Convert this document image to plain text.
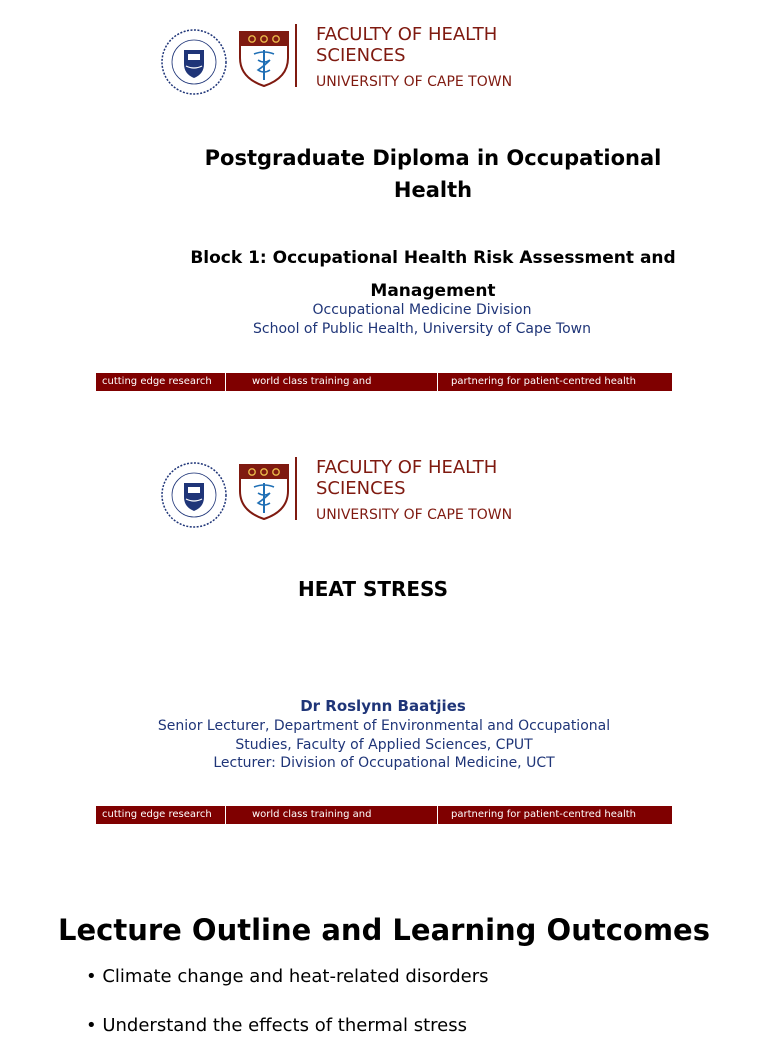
FACULTY OF HEALTH SCIENCES
UNIVERSITY OF CAPE TOWN
Postgraduate Diploma in Occupational Health
Block 1: Occupational Health Risk Assessment and Management
Occupational Medicine Division
School of Public Health, University of Cape Town
cutting edge research	world class training and	partnering for patient-centred health
FACULTY OF HEALTH SCIENCES
UNIVERSITY OF CAPE TOWN
HEAT STRESS
Dr Roslynn Baatjies
Senior Lecturer, Department of Environmental and Occupational Studies, Faculty of Applied Sciences, CPUT
Lecturer: Division of Occupational Medicine, UCT
cutting edge research	world class training and	partnering for patient-centred health
Lecture Outline and Learning Outcomes
• Climate change and heat-related disorders
• Understand the effects of thermal stress
